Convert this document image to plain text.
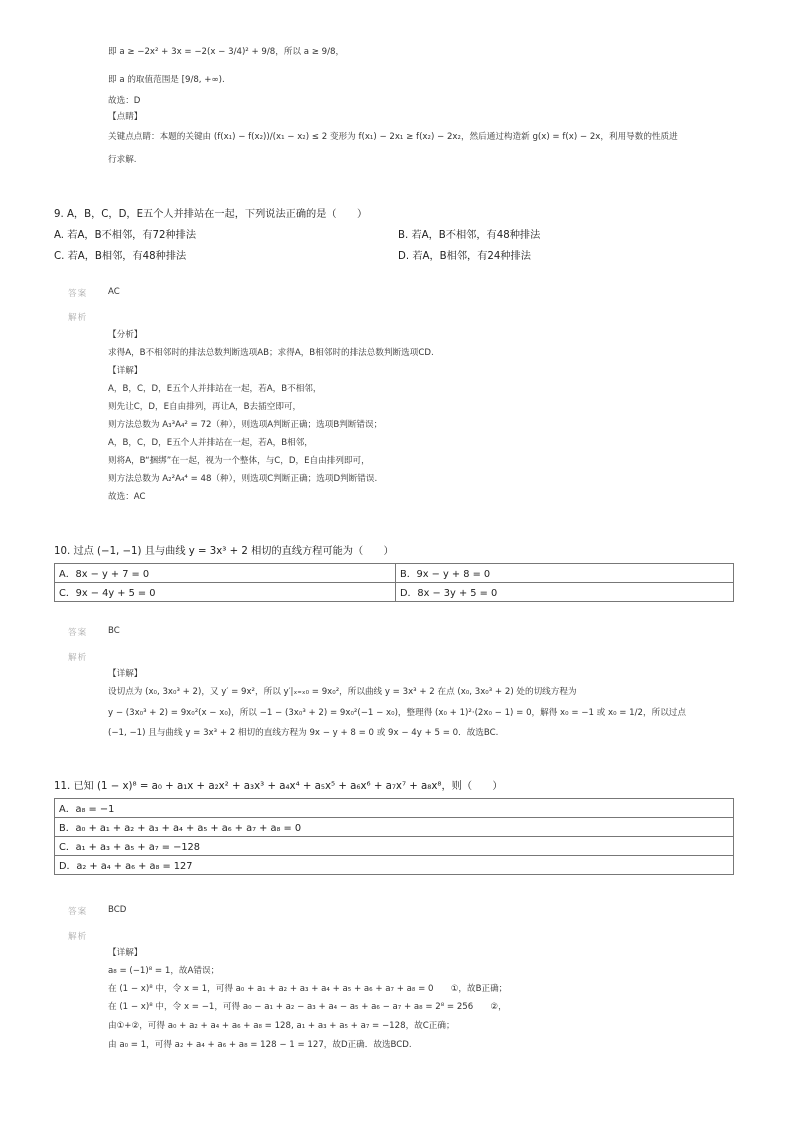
即 a ≥ −2x² + 3x = −2(x − 3/4)² + 9/8，所以 a ≥ 9/8，
即 a 的取值范围是 [9/8, +∞).
故选：D
【点睛】
关键点点睛：本题的关键由 (f(x₁) − f(x₂))/(x₁ − x₂) ≤ 2 变形为 f(x₁) − 2x₁ ≥ f(x₂) − 2x₂，然后通过构造新 g(x) = f(x) − 2x，利用导数的性质进
行求解.
9. A，B，C，D，E五个人并排站在一起，下列说法正确的是（　　）
A. 若A，B不相邻，有72种排法	B. 若A，B不相邻，有48种排法
C. 若A，B相邻，有48种排法	D. 若A，B相邻，有24种排法
答案 AC
解析
【分析】
求得A，B不相邻时的排法总数判断选项AB；求得A，B相邻时的排法总数判断选项CD.
【详解】
A，B，C，D，E五个人并排站在一起，若A，B不相邻，
则先让C，D，E自由排列，再让A，B去插空即可，
则方法总数为 A₃³A₄² = 72（种），则选项A判断正确；选项B判断错误；
A，B，C，D，E五个人并排站在一起，若A，B相邻，
则将A，B“捆绑”在一起，视为一个整体，与C，D，E自由排列即可，
则方法总数为 A₂²A₄⁴ = 48（种），则选项C判断正确；选项D判断错误.
故选：AC
10. 过点 (−1, −1) 且与曲线 y = 3x³ + 2 相切的直线方程可能为（　　）
A．8x − y + 7 = 0	B．9x − y + 8 = 0
C．9x − 4y + 5 = 0	D．8x − 3y + 5 = 0
答案 BC
解析
【详解】
设切点为 (x₀, 3x₀³ + 2)，又 y′ = 9x²，所以 y′|ₓ₌ₓ₀ = 9x₀²，所以曲线 y = 3x³ + 2 在点 (x₀, 3x₀³ + 2) 处的切线方程为
y − (3x₀³ + 2) = 9x₀²(x − x₀)，所以 −1 − (3x₀³ + 2) = 9x₀²(−1 − x₀)，整理得 (x₀ + 1)²·(2x₀ − 1) = 0，解得 x₀ = −1 或 x₀ = 1/2，所以过点
(−1, −1) 且与曲线 y = 3x³ + 2 相切的直线方程为 9x − y + 8 = 0 或 9x − 4y + 5 = 0．故选BC.
11. 已知 (1 − x)⁸ = a₀ + a₁x + a₂x² + a₃x³ + a₄x⁴ + a₅x⁵ + a₆x⁶ + a₇x⁷ + a₈x⁸，则（　　）
A．a₈ = −1
B．a₀ + a₁ + a₂ + a₃ + a₄ + a₅ + a₆ + a₇ + a₈ = 0
C．a₁ + a₃ + a₅ + a₇ = −128
D．a₂ + a₄ + a₆ + a₈ = 127
答案 BCD
解析
【详解】
a₈ = (−1)⁸ = 1，故A错误；
在 (1 − x)⁸ 中，令 x = 1，可得 a₀ + a₁ + a₂ + a₃ + a₄ + a₅ + a₆ + a₇ + a₈ = 0　　①，故B正确；
在 (1 − x)⁸ 中，令 x = −1，可得 a₀ − a₁ + a₂ − a₃ + a₄ − a₅ + a₆ − a₇ + a₈ = 2⁸ = 256　　②，
由①+②，可得 a₀ + a₂ + a₄ + a₆ + a₈ = 128, a₁ + a₃ + a₅ + a₇ = −128，故C正确；
由 a₀ = 1，可得 a₂ + a₄ + a₆ + a₈ = 128 − 1 = 127，故D正确．故选BCD.
